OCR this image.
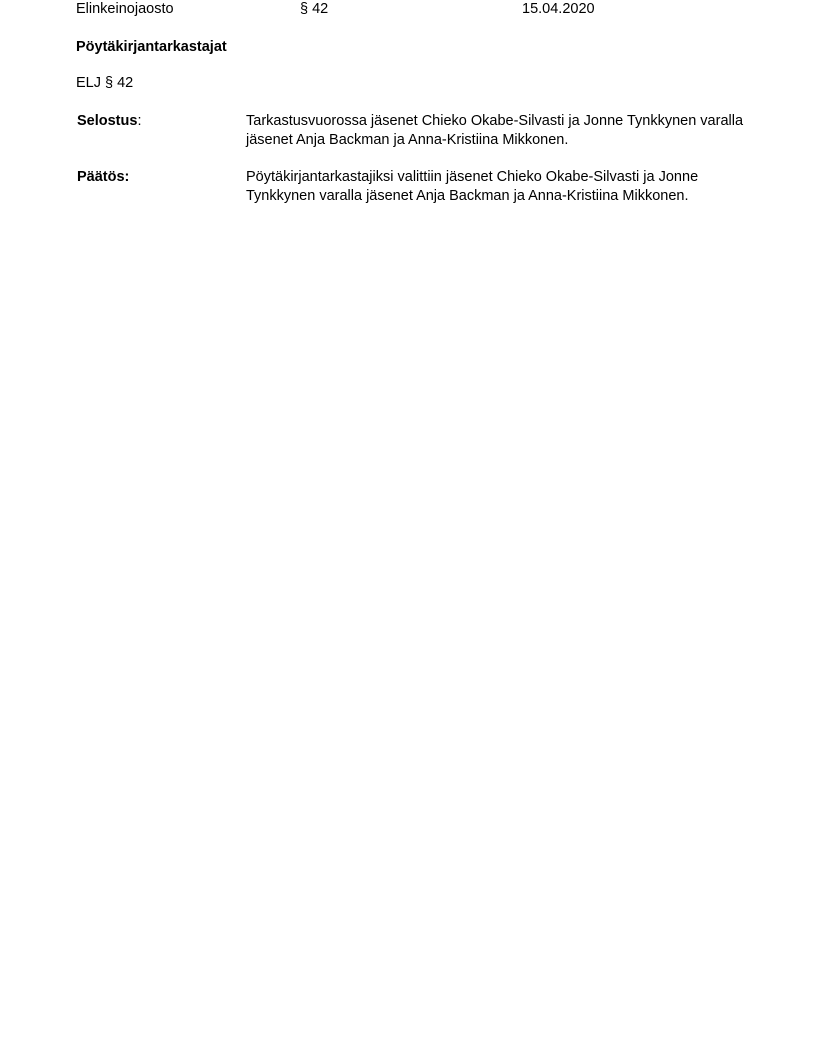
Elinkeinojaosto	§ 42	15.04.2020
Pöytäkirjantarkastajat
ELJ § 42
Selostus:	Tarkastusvuorossa jäsenet Chieko Okabe-Silvasti ja Jonne Tynkkynen varalla jäsenet Anja Backman ja Anna-Kristiina Mikkonen.
Päätös:	Pöytäkirjantarkastajiksi valittiin jäsenet Chieko Okabe-Silvasti ja Jonne Tynkkynen varalla jäsenet Anja Backman ja Anna-Kristiina Mikkonen.
